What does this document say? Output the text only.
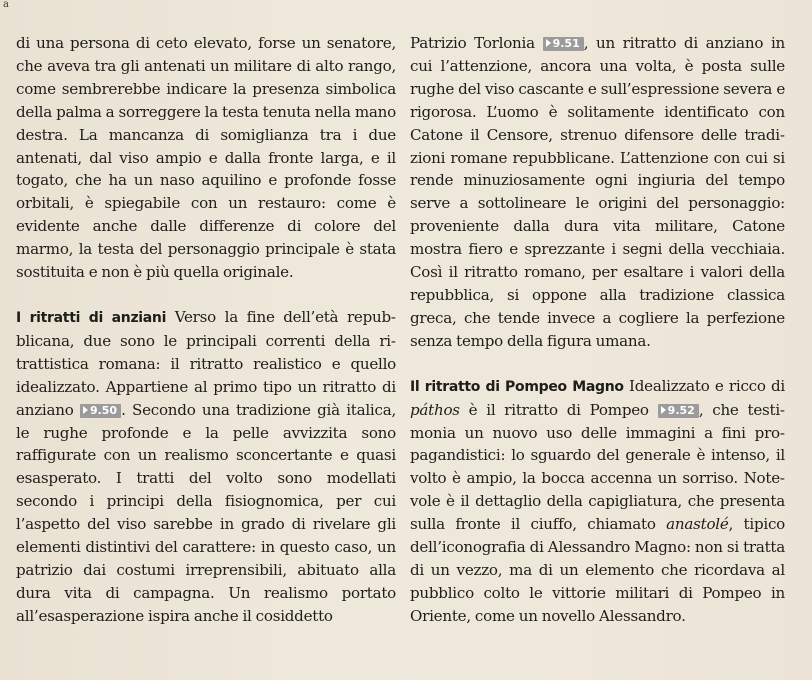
a

di una persona di ceto elevato, forse un senatore, che aveva tra gli antenati un militare di alto rango, come sembrerebbe indicare la presenza simbolica della palma a sorreggere la testa tenuta nella mano destra. La mancanza di somiglianza tra i due antenati, dal viso ampio e dalla fronte larga, e il togato, che ha un naso aquilino e profonde fosse orbitali, è spiegabile con un restauro: come è evidente anche dalle differenze di colore del marmo, la testa del personaggio principale è stata sostituita e non è più quella originale.

I ritratti di anziani Verso la fine dell’età repubblicana, due sono le principali correnti della ritrattistica romana: il ritratto realistico e quello idealizzato. Appartiene al primo tipo un ritratto di anziano 9.50 . Secondo una tradizione già italica, le rughe profonde e la pelle avvizzita sono raffigurate con un realismo sconcertante e quasi esasperato. I tratti del volto sono modellati secondo i principi della fisiognomica, per cui l’aspetto del viso sarebbe in grado di rivelare gli elementi distintivi del carattere: in questo caso, un patrizio dai costumi irreprensibili, abituato alla dura vita di campagna. Un realismo portato all’esasperazione ispira anche il cosiddetto

Patrizio Torlonia 9.51 , un ritratto di anziano in cui l’attenzione, ancora una volta, è posta sulle rughe del viso cascante e sull’espressione severa e rigorosa. L’uomo è solitamente identificato con Catone il Censore, strenuo difensore delle tradizioni romane repubblicane. L’attenzione con cui si rende minuziosamente ogni ingiuria del tempo serve a sottolineare le origini del personaggio: proveniente dalla dura vita militare, Catone mostra fiero e sprezzante i segni della vecchiaia. Così il ritratto romano, per esaltare i valori della repubblica, si oppone alla tradizione classica greca, che tende invece a cogliere la perfezione senza tempo della figura umana.

Il ritratto di Pompeo Magno Idealizzato e ricco di páthos è il ritratto di Pompeo 9.52 , che testimonia un nuovo uso delle immagini a fini propagandistici: lo sguardo del generale è intenso, il volto è ampio, la bocca accenna un sorriso. Notevole è il dettaglio della capigliatura, che presenta sulla fronte il ciuffo, chiamato anastolé, tipico dell’iconografia di Alessandro Magno: non si tratta di un vezzo, ma di un elemento che ricordava al pubblico colto le vittorie militari di Pompeo in Oriente, come un novello Alessandro.
